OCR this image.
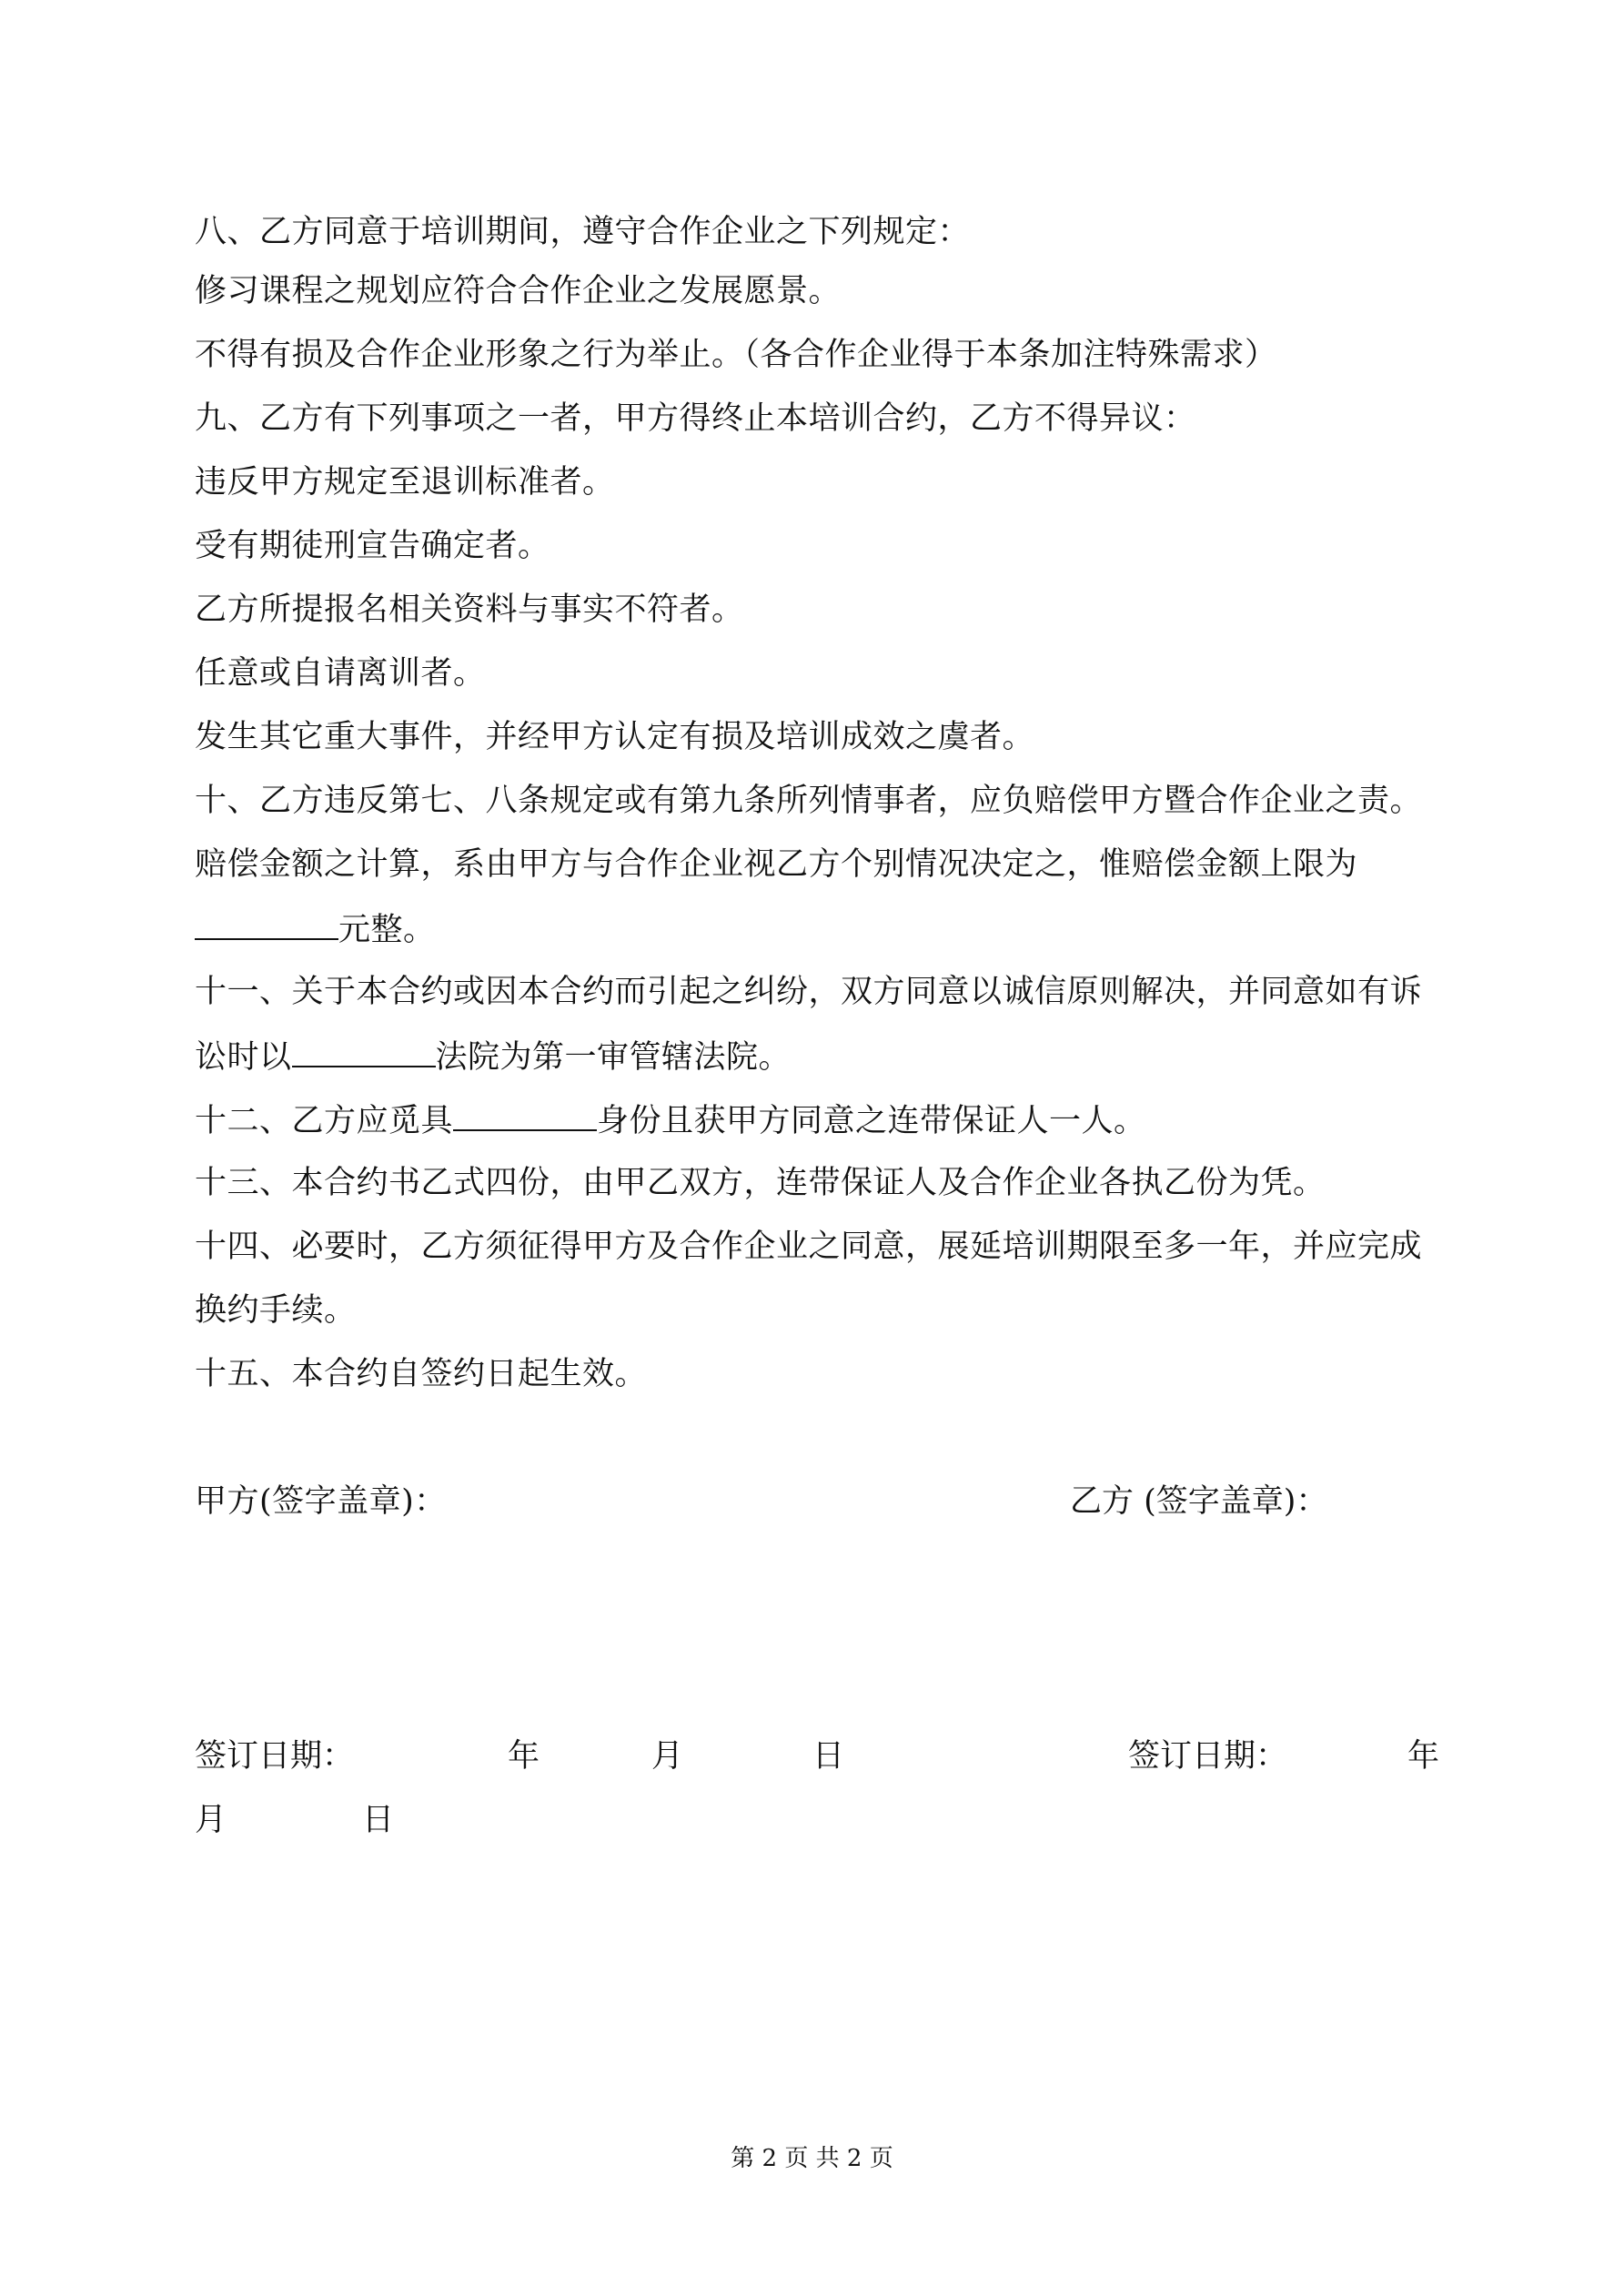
八、乙方同意于培训期间，遵守合作企业之下列规定：
修习课程之规划应符合合作企业之发展愿景。
不得有损及合作企业形象之行为举止。（各合作企业得于本条加注特殊需求）
九、乙方有下列事项之一者，甲方得终止本培训合约，乙方不得异议：
违反甲方规定至退训标准者。
受有期徒刑宣告确定者。
乙方所提报名相关资料与事实不符者。
任意或自请离训者。
发生其它重大事件，并经甲方认定有损及培训成效之虞者。
十、乙方违反第七、八条规定或有第九条所列情事者，应负赔偿甲方暨合作企业之责。
赔偿金额之计算，系由甲方与合作企业视乙方个别情况决定之，惟赔偿金额上限为
元整。
十一、关于本合约或因本合约而引起之纠纷，双方同意以诚信原则解决，并同意如有诉
讼时以	法院为第一审管辖法院。
十二、乙方应觅具	身份且获甲方同意之连带保证人一人。
十三、本合约书乙式四份，由甲乙双方，连带保证人及合作企业各执乙份为凭。
十四、必要时，乙方须征得甲方及合作企业之同意，展延培训期限至多一年，并应完成
换约手续。
十五、本合约自签约日起生效。
甲方(签字盖章)：	乙方 (签字盖章)：
签订日期：	年	月	日	签订日期：	年
月	日
第 2 页 共 2 页
